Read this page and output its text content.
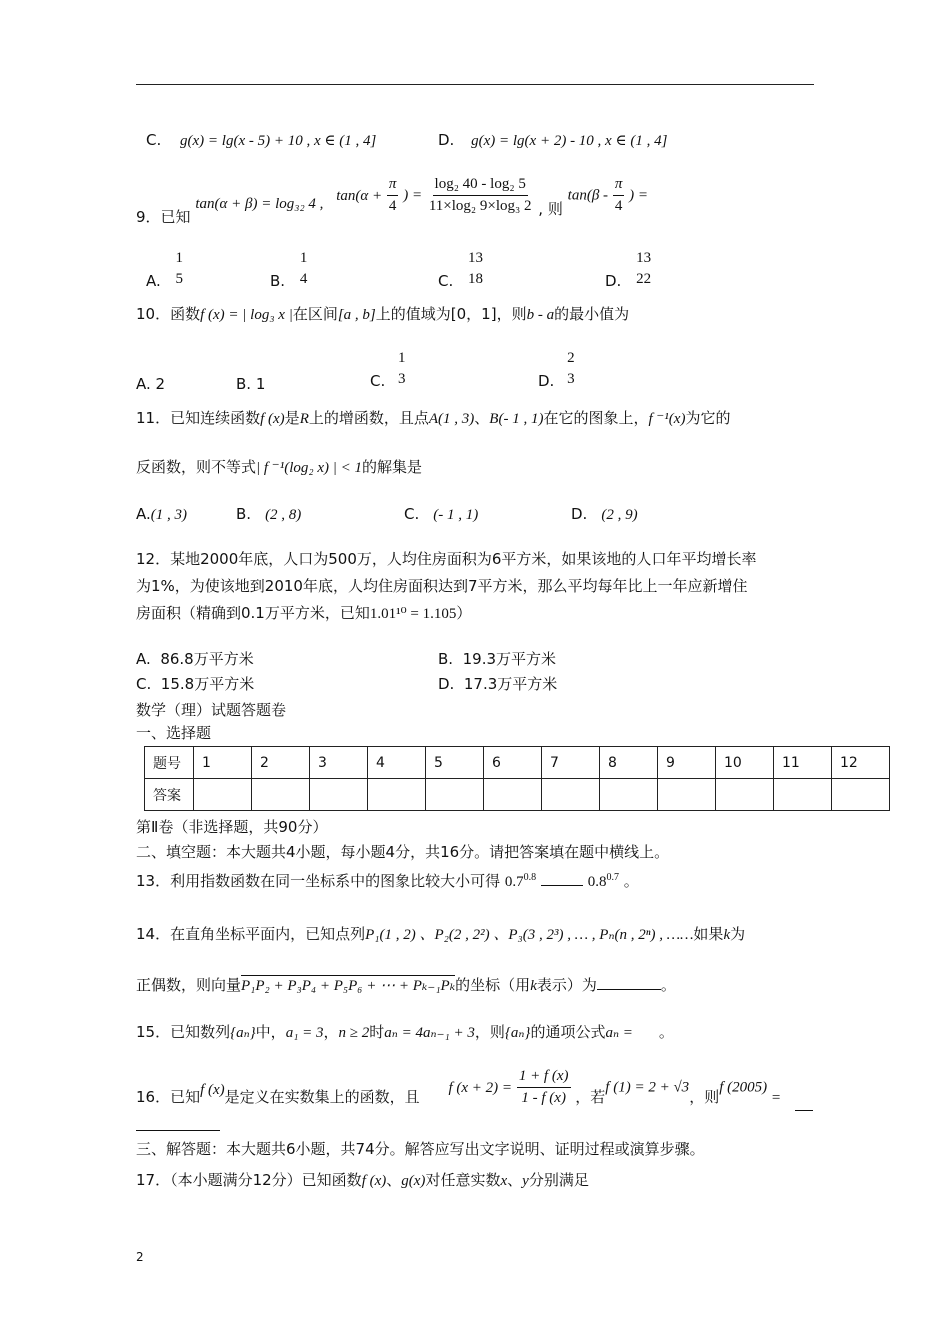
C. g(x) = lg(x - 5) + 10 , x ∈ (1 , 4]	D. g(x) = lg(x + 2) - 10 , x ∈ (1 , 4]
9．已知 tan(α + β) = log₃₂ 4 , $\tan(\alpha + \frac{\pi}{4}$ ) = $\frac{\text{log₂ 40 - log₂ 5}}{\text{11×log₂ 9×log₃ 2}}$ , 则 $\tan(\beta - \frac{\pi}{4}$ ) =
A.
1
5	B.
1
4	C.
13
18	D.
13
22
10．函数f (x) = | log₃ x |在区间[a , b]上的值域为[0，1]，则b - a的最小值为
A. 2	B. 1	C.
1
3	D.
2
3
11．已知连续函数f (x)是R上的增函数，且点A(1 , 3)、B(- 1 , 1)在它的图象上，f ⁻¹(x)为它的
反函数，则不等式| f ⁻¹(log₂ x) | < 1的解集是
A.(1 , 3)	B. (2 , 8)	C. (- 1 , 1)	D. (2 , 9)
12．某地2000年底，人口为500万，人均住房面积为6平方米，如果该地的人口年平均增长率
为1%，为使该地到2010年底，人均住房面积达到7平方米，那么平均每年比上一年应新增住
房面积（精确到0.1万平方米，已知1.01¹⁰ = 1.105）
A. 86.8万平方米	B. 19.3万平方米
C. 15.8万平方米	D. 17.3万平方米
数学（理）试题答题卷
一、选择题
题号	1	2	3	4	5	6	7	8	9	10	11	12
答案												
第Ⅱ卷（非选择题，共90分）
二、填空题：本大题共4小题，每小题4分，共16分。请把答案填在题中横线上。
13．利用指数函数在同一坐标系中的图象比较大小可得 $0.7^{0.8}$	$0.8^{0.7}$ 。
14．在直角坐标平面内，已知点列P₁(1 , 2) 、P₂(2 , 2²) 、P₃(3 , 2³) , … , Pₙ(n , 2ⁿ) , ……如果k为
正偶数，则向量P₁P₂ + P₃P₄ + P₅P₆ + ⋯ + Pₖ₋₁Pₖ的坐标（用k表示）为	。
15．已知数列{aₙ}中，a₁ = 3，n ≥ 2时aₙ = 4aₙ₋₁ + 3，则{aₙ}的通项公式aₙ = 。
16．已知f (x)是定义在实数集上的函数，且 f $(x + 2) = \frac{1 + f (x)}{1 - f (x)}$ ，若f (1) = 2 + √3，则f (2005) =
三、解答题：本大题共6小题，共74分。解答应写出文字说明、证明过程或演算步骤。
17．（本小题满分12分）已知函数f (x)、g(x)对任意实数x、y分别满足
2
